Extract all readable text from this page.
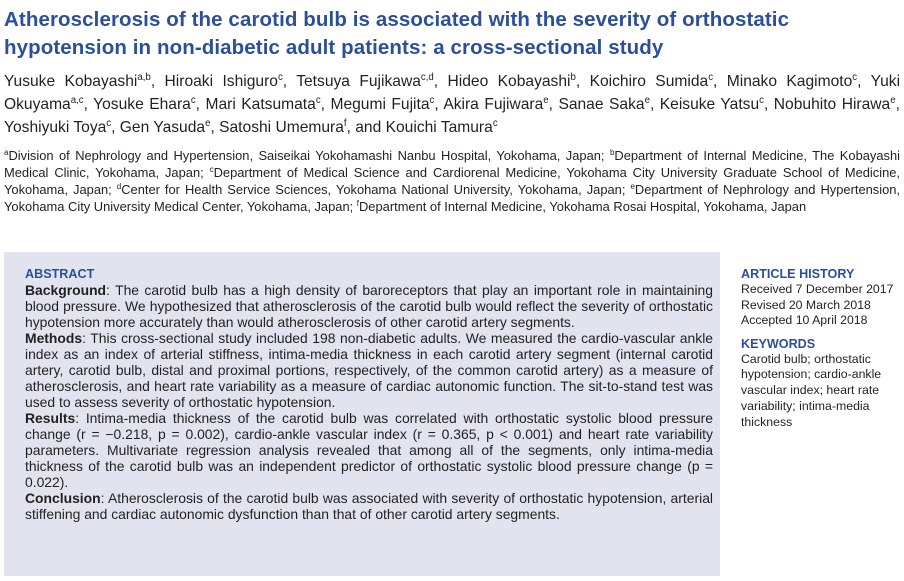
Atherosclerosis of the carotid bulb is associated with the severity of orthostatic hypotension in non-diabetic adult patients: a cross-sectional study
Yusuke Kobayashi$^{a,b}$, Hiroaki Ishiguro$^c$, Tetsuya Fujikawa$^{c,d}$, Hideo Kobayashi$^b$, Koichiro Sumida$^c$, Minako Kagimoto$^c$, Yuki Okuyama$^{a,c}$, Yosuke Ehara$^c$, Mari Katsumata$^c$, Megumi Fujita$^c$, Akira Fujiwara$^e$, Sanae Saka$^e$, Keisuke Yatsu$^c$, Nobuhito Hirawa$^e$, Yoshiyuki Toya$^c$, Gen Yasuda$^e$, Satoshi Umemura$^f$, and Kouichi Tamura$^c$
$^a$Division of Nephrology and Hypertension, Saiseikai Yokohamashi Nanbu Hospital, Yokohama, Japan; $^b$Department of Internal Medicine, The Kobayashi Medical Clinic, Yokohama, Japan; $^c$Department of Medical Science and Cardiorenal Medicine, Yokohama City University Graduate School of Medicine, Yokohama, Japan; $^d$Center for Health Service Sciences, Yokohama National University, Yokohama, Japan; $^e$Department of Nephrology and Hypertension, Yokohama City University Medical Center, Yokohama, Japan; $^f$Department of Internal Medicine, Yokohama Rosai Hospital, Yokohama, Japan
ABSTRACT

Background: The carotid bulb has a high density of baroreceptors that play an important role in maintaining blood pressure. We hypothesized that atherosclerosis of the carotid bulb would reflect the severity of orthostatic hypotension more accurately than would atherosclerosis of other carotid artery segments.

Methods: This cross-sectional study included 198 non-diabetic adults. We measured the cardio-vascular ankle index as an index of arterial stiffness, intima-media thickness in each carotid artery segment (internal carotid artery, carotid bulb, distal and proximal portions, respectively, of the common carotid artery) as a measure of atherosclerosis, and heart rate variability as a measure of cardiac autonomic function. The sit-to-stand test was used to assess severity of orthostatic hypotension.

Results: Intima-media thickness of the carotid bulb was correlated with orthostatic systolic blood pressure change (r = −0.218, p = 0.002), cardio-ankle vascular index (r = 0.365, p < 0.001) and heart rate variability parameters. Multivariate regression analysis revealed that among all of the segments, only intima-media thickness of the carotid bulb was an independent predictor of orthostatic systolic blood pressure change (p = 0.022).

Conclusion: Atherosclerosis of the carotid bulb was associated with severity of orthostatic hypotension, arterial stiffening and cardiac autonomic dysfunction than that of other carotid artery segments.

ARTICLE HISTORY
Received 7 December 2017
Revised 20 March 2018
Accepted 10 April 2018
KEYWORDS
Carotid bulb; orthostatic hypotension; cardio-ankle vascular index; heart rate variability; intima-media thickness
